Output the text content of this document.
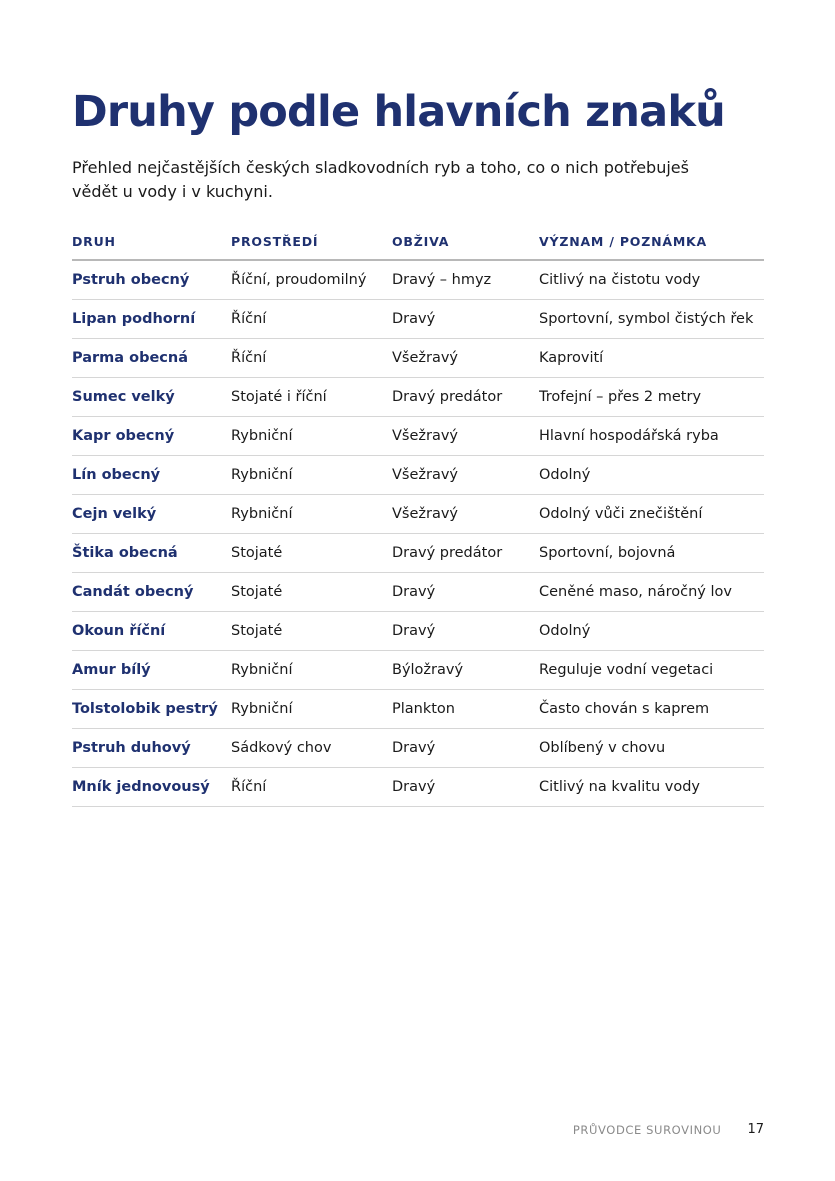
Druhy podle hlavních znaků

Přehled nejčastějších českých sladkovodních ryb a toho, co o nich potřebuješ vědět u vody i v kuchyni.

DRUH	PROSTŘEDÍ	OBŽIVA	VÝZNAM / POZNÁMKA
Pstruh obecný	Říční, proudomilný	Dravý – hmyz	Citlivý na čistotu vody
Lipan podhorní	Říční	Dravý	Sportovní, symbol čistých řek
Parma obecná	Říční	Všežravý	Kaprovití
Sumec velký	Stojaté i říční	Dravý predátor	Trofejní – přes 2 metry
Kapr obecný	Rybniční	Všežravý	Hlavní hospodářská ryba
Lín obecný	Rybniční	Všežravý	Odolný
Cejn velký	Rybniční	Všežravý	Odolný vůči znečištění
Štika obecná	Stojaté	Dravý predátor	Sportovní, bojovná
Candát obecný	Stojaté	Dravý	Ceněné maso, náročný lov
Okoun říční	Stojaté	Dravý	Odolný
Amur bílý	Rybniční	Býložravý	Reguluje vodní vegetaci
Tolstolobik pestrý	Rybniční	Plankton	Často chován s kaprem
Pstruh duhový	Sádkový chov	Dravý	Oblíbený v chovu
Mník jednovousý	Říční	Dravý	Citlivý na kvalitu vody
PRŮVODCE SUROVINOU 17
